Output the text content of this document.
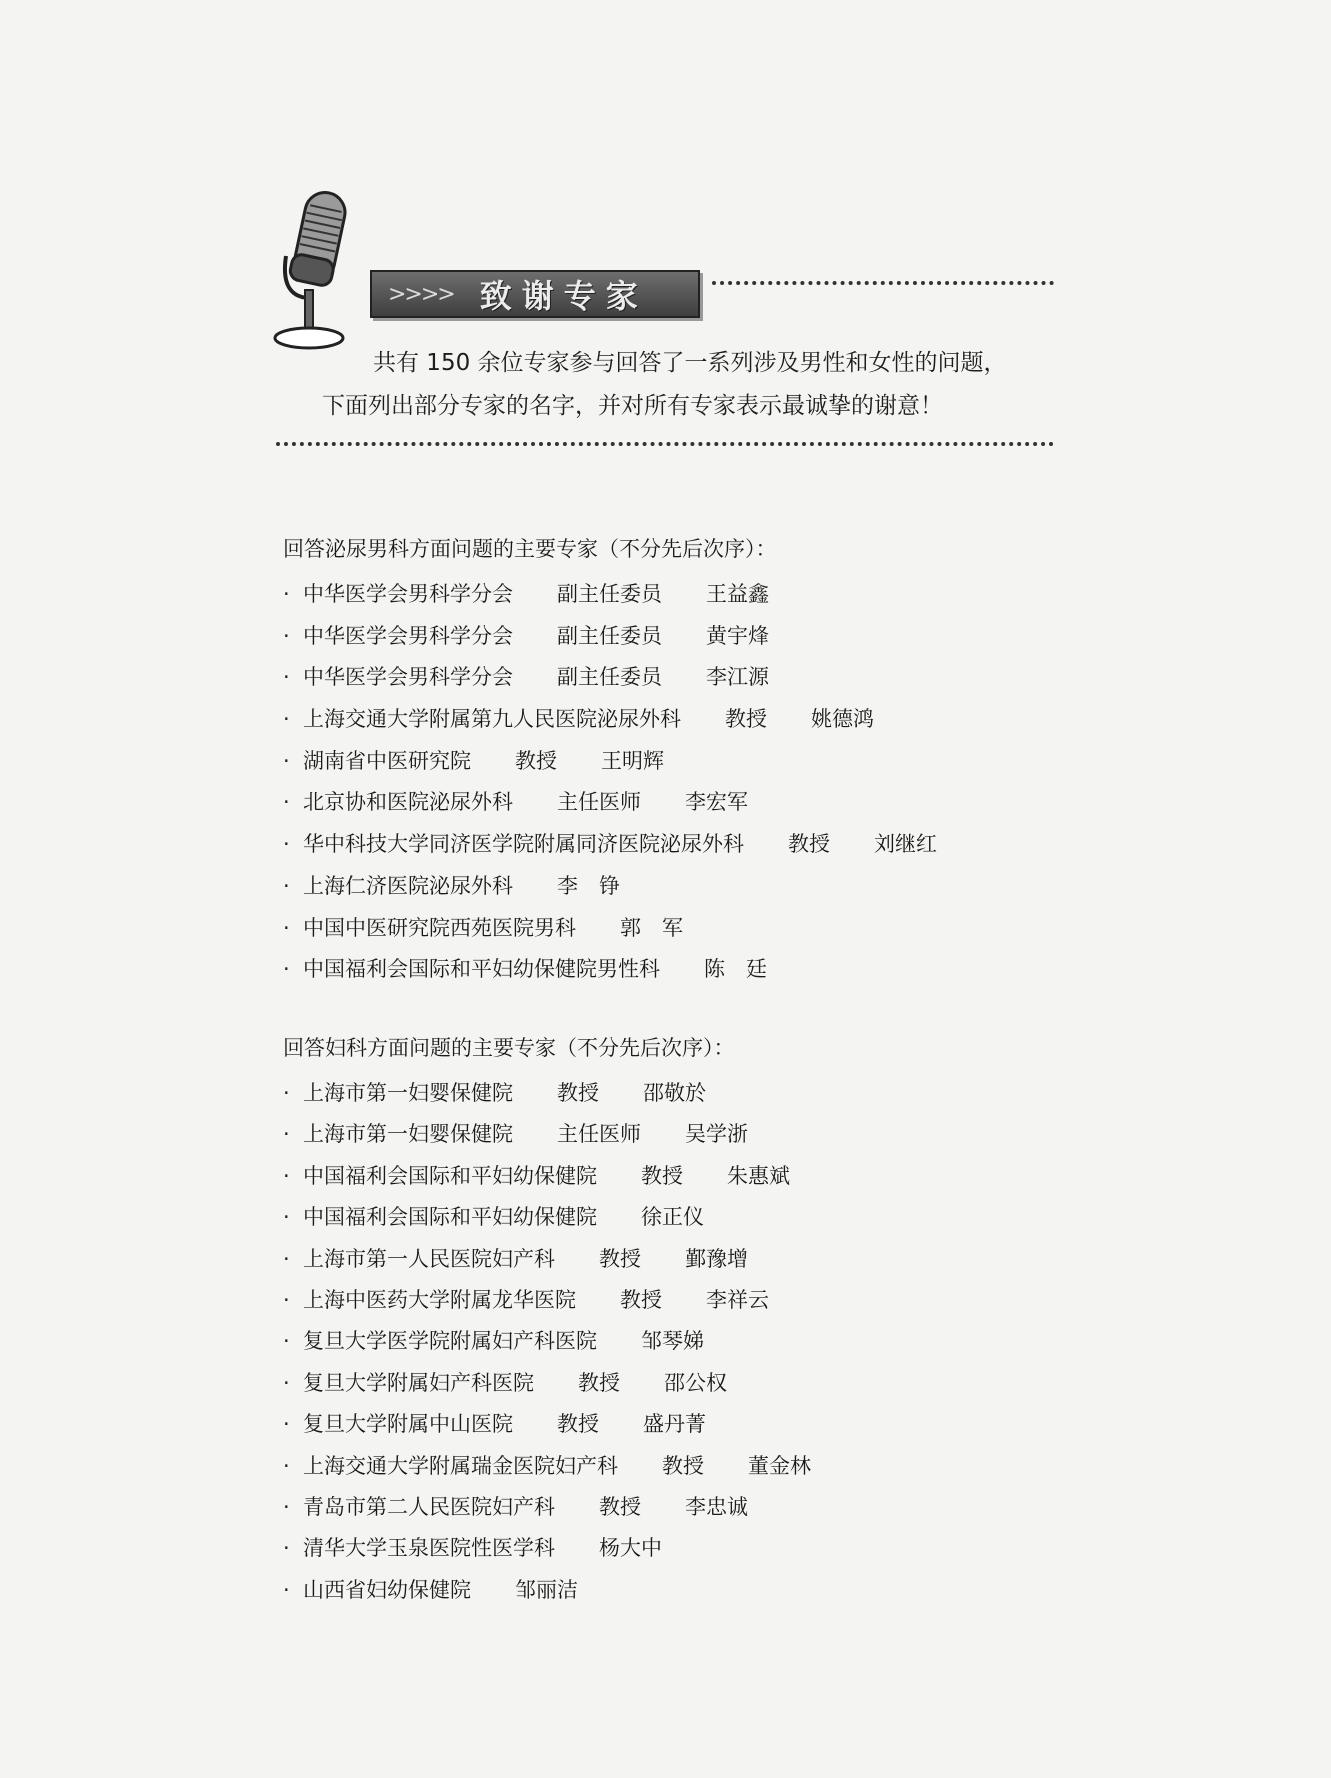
>>>> 致谢专家
共有 150 余位专家参与回答了一系列涉及男性和女性的问题，
下面列出部分专家的名字，并对所有专家表示最诚挚的谢意！
回答泌尿男科方面问题的主要专家（不分先后次序）：
· 中华医学会男科学分会 副主任委员 王益鑫
· 中华医学会男科学分会 副主任委员 黄宇烽
· 中华医学会男科学分会 副主任委员 李江源
· 上海交通大学附属第九人民医院泌尿外科 教授 姚德鸿
· 湖南省中医研究院 教授 王明辉
· 北京协和医院泌尿外科 主任医师 李宏军
· 华中科技大学同济医学院附属同济医院泌尿外科 教授 刘继红
· 上海仁济医院泌尿外科 李　铮
· 中国中医研究院西苑医院男科 郭　军
· 中国福利会国际和平妇幼保健院男性科 陈　廷
回答妇科方面问题的主要专家（不分先后次序）：
· 上海市第一妇婴保健院 教授 邵敬於
· 上海市第一妇婴保健院 主任医师 吴学浙
· 中国福利会国际和平妇幼保健院 教授 朱惠斌
· 中国福利会国际和平妇幼保健院 徐正仪
· 上海市第一人民医院妇产科 教授 鄞豫增
· 上海中医药大学附属龙华医院 教授 李祥云
· 复旦大学医学院附属妇产科医院 邹琴娣
· 复旦大学附属妇产科医院 教授 邵公权
· 复旦大学附属中山医院 教授 盛丹菁
· 上海交通大学附属瑞金医院妇产科 教授 董金林
· 青岛市第二人民医院妇产科 教授 李忠诚
· 清华大学玉泉医院性医学科 杨大中
· 山西省妇幼保健院 邹丽洁
